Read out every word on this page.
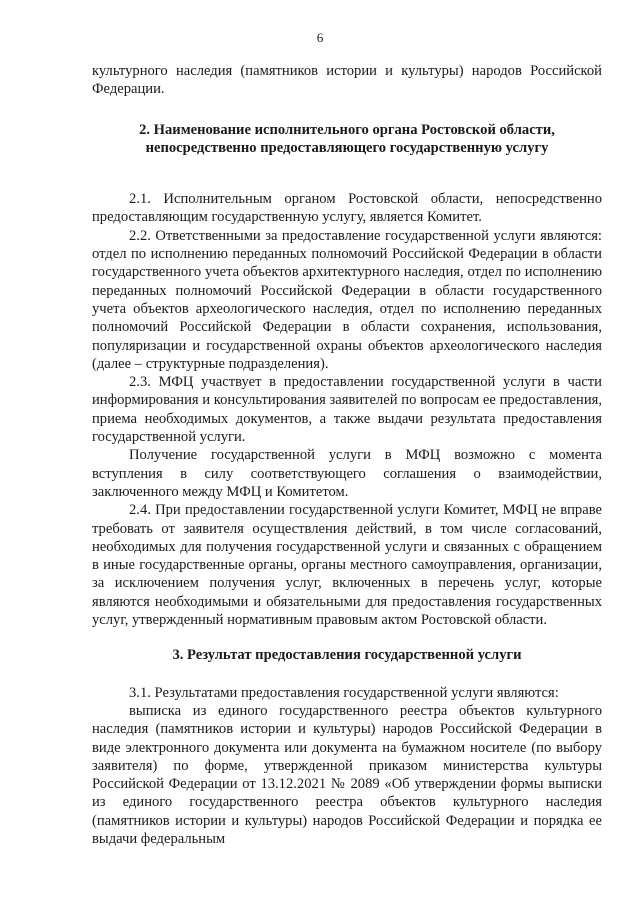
6

культурного наследия (памятников истории и культуры) народов Российской Федерации.

2. Наименование исполнительного органа Ростовской области,
непосредственно предоставляющего государственную услугу

2.1. Исполнительным органом Ростовской области, непосредственно предоставляющим государственную услугу, является Комитет.

2.2. Ответственными за предоставление государственной услуги являются: отдел по исполнению переданных полномочий Российской Федерации в области государственного учета объектов архитектурного наследия, отдел по исполнению переданных полномочий Российской Федерации в области государственного учета объектов археологического наследия, отдел по исполнению переданных полномочий Российской Федерации в области сохранения, использования, популяризации и государственной охраны объектов археологического наследия (далее – структурные подразделения).

2.3. МФЦ участвует в предоставлении государственной услуги в части информирования и консультирования заявителей по вопросам ее предоставления, приема необходимых документов, а также выдачи результата предоставления государственной услуги.

Получение государственной услуги в МФЦ возможно с момента вступления в силу соответствующего соглашения о взаимодействии, заключенного между МФЦ и Комитетом.

2.4. При предоставлении государственной услуги Комитет, МФЦ не вправе требовать от заявителя осуществления действий, в том числе согласований, необходимых для получения государственной услуги и связанных с обращением в иные государственные органы, органы местного самоуправления, организации, за исключением получения услуг, включенных в перечень услуг, которые являются необходимыми и обязательными для предоставления государственных услуг, утвержденный нормативным правовым актом Ростовской области.

3. Результат предоставления государственной услуги

3.1. Результатами предоставления государственной услуги являются:

выписка из единого государственного реестра объектов культурного наследия (памятников истории и культуры) народов Российской Федерации в виде электронного документа или документа на бумажном носителе (по выбору заявителя) по форме, утвержденной приказом министерства культуры Российской Федерации от 13.12.2021 № 2089 «Об утверждении формы выписки из единого государственного реестра объектов культурного наследия (памятников истории и культуры) народов Российской Федерации и порядка ее выдачи федеральным
